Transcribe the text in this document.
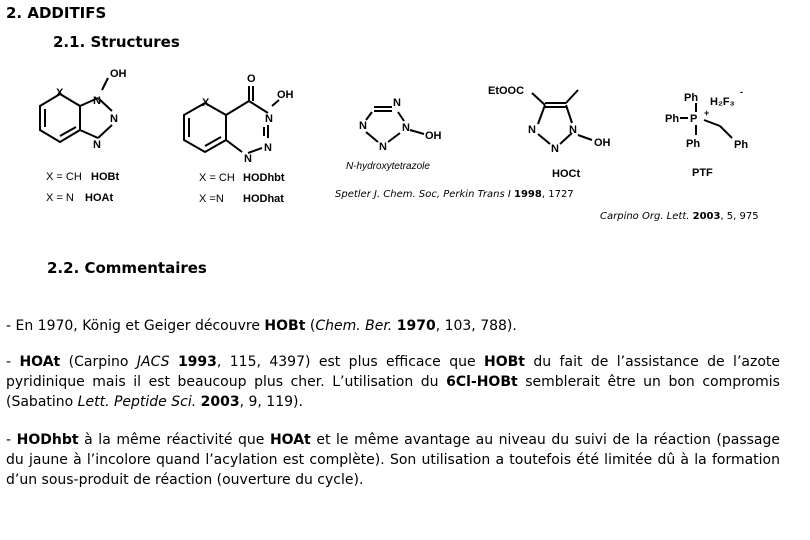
2. ADDITIFS
2.1. Structures
X
N
N
N
OH
X = CH HOBt
X = N HOAt
X
O
OH
N
N
N
X = CH HODhbt
X =N HODhat
N
N
N
N
OH
N-hydroxytetrazole
EtOOC
N
N
N
OH
HOCt
Ph H₂F₃
-
Ph P +
Ph	Ph
PTF
Spetler J. Chem. Soc, Perkin Trans I 1998, 1727
Carpino Org. Lett. 2003, 5, 975
2.2. Commentaires
- En 1970, König et Geiger découvre HOBt (Chem. Ber. 1970, 103, 788).
- HOAt (Carpino JACS 1993, 115, 4397) est plus efficace que HOBt du fait de l’assistance de l’azote pyridinique mais il est beaucoup plus cher. L’utilisation du 6Cl-HOBt semblerait être un bon compromis (Sabatino Lett. Peptide Sci. 2003, 9, 119).
- HODhbt à la même réactivité que HOAt et le même avantage au niveau du suivi de la réaction (passage du jaune à l’incolore quand l’acylation est complète). Son utilisation a toutefois été limitée dû à la formation d’un sous-produit de réaction (ouverture du cycle).
